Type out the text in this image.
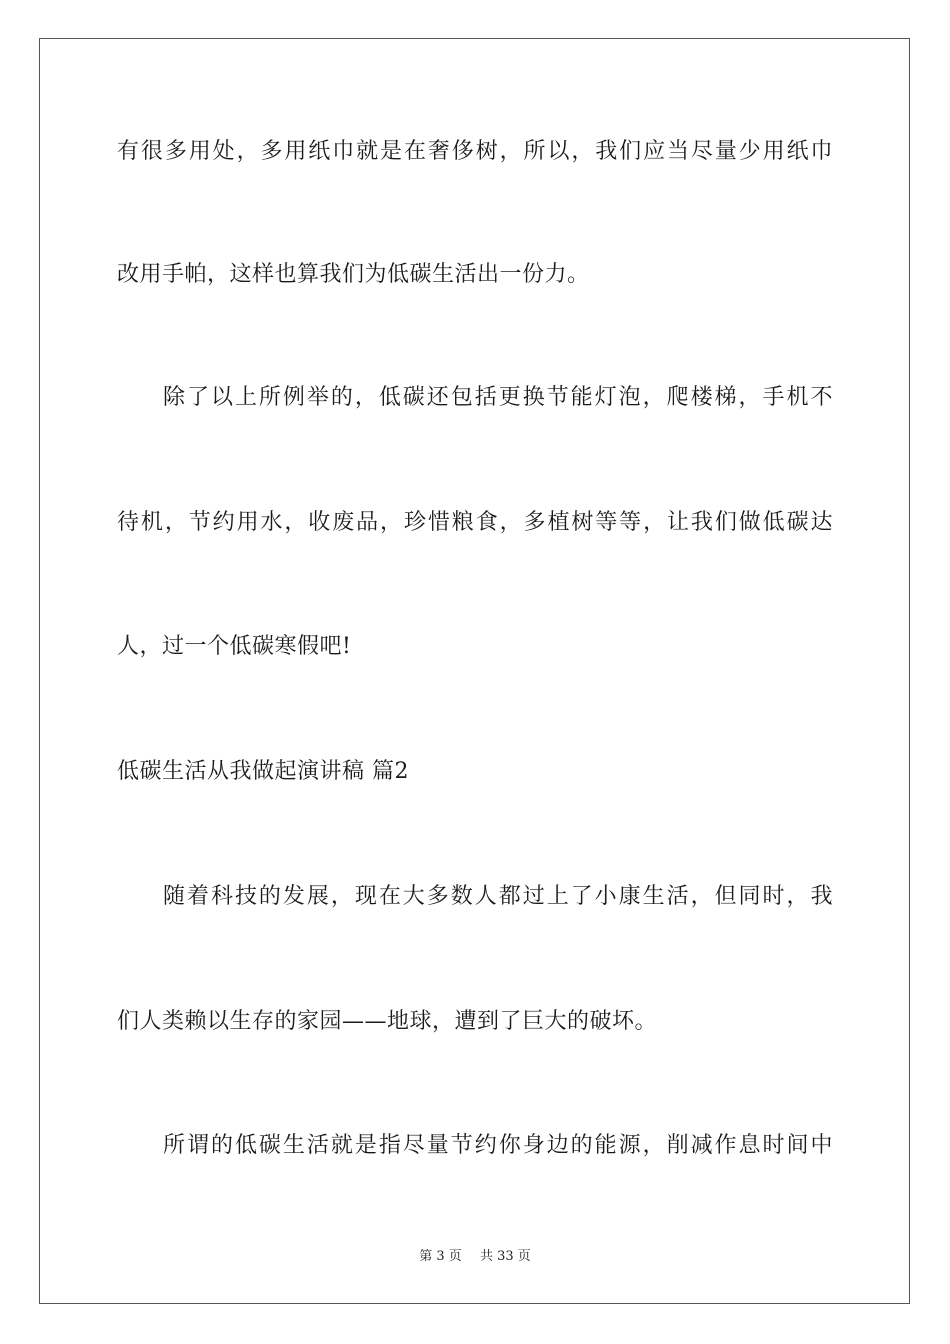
有很多用处，多用纸巾就是在奢侈树，所以，我们应当尽量少用纸巾
改用手帕，这样也算我们为低碳生活出一份力。
除了以上所例举的，低碳还包括更换节能灯泡，爬楼梯，手机不
待机，节约用水，收废品，珍惜粮食，多植树等等，让我们做低碳达
人，过一个低碳寒假吧!
低碳生活从我做起演讲稿 篇2
随着科技的发展，现在大多数人都过上了小康生活，但同时，我
们人类赖以生存的家园——地球，遭到了巨大的破坏。
所谓的低碳生活就是指尽量节约你身边的能源，削减作息时间中
第 3 页 共 33 页
